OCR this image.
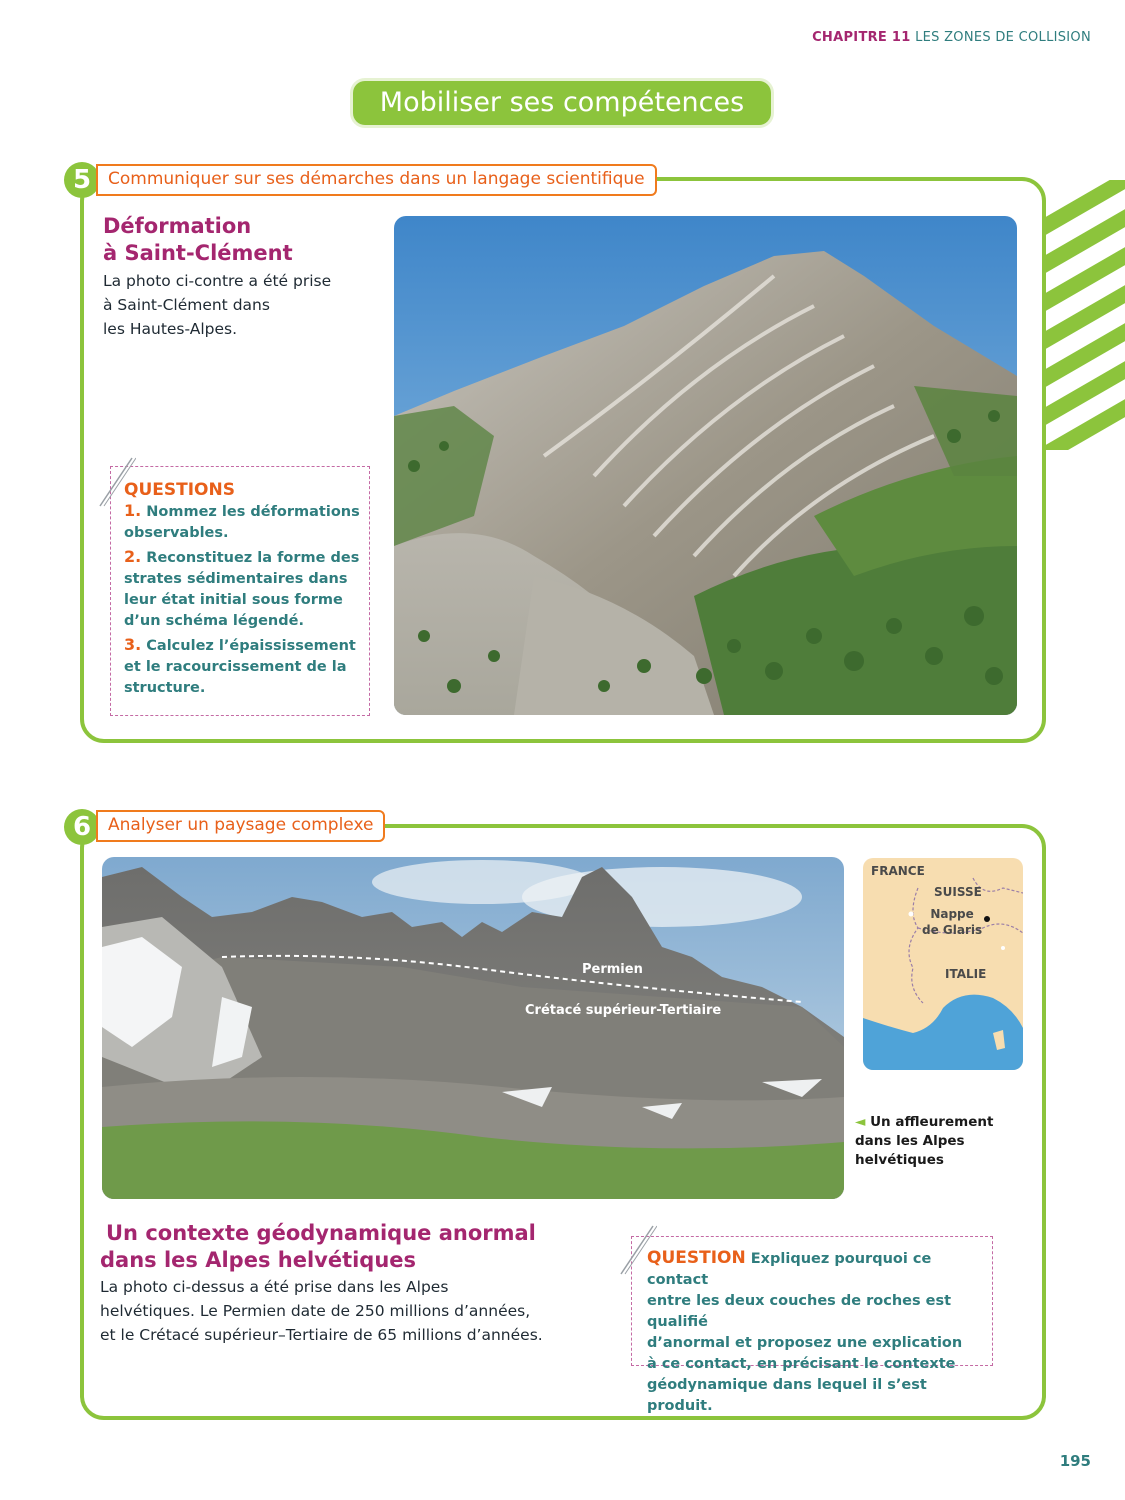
CHAPITRE 11 LES ZONES DE COLLISION
Mobiliser ses compétences
5 Communiquer sur ses démarches dans un langage scientifique
Déformation
à Saint-Clément
La photo ci-contre a été prise
à Saint-Clément dans
les Hautes-Alpes.
QUESTIONS
1. Nommez les déformations
observables.
2. Reconstituez la forme des
strates sédimentaires dans
leur état initial sous forme
d’un schéma légendé.
3. Calculez l’épaississement
et le racourcissement de la
structure.
6 Analyser un paysage complexe
Permien
Crétacé supérieur-Tertiaire
FRANCE
SUISSE
Nappe
de Glaris
ITALIE
◄ Un affleurement
dans les Alpes
helvétiques
Un contexte géodynamique anormal
dans les Alpes helvétiques
La photo ci-dessus a été prise dans les Alpes
helvétiques. Le Permien date de 250 millions d’années,
et le Crétacé supérieur–Tertiaire de 65 millions d’années.
QUESTION Expliquez pourquoi ce contact
entre les deux couches de roches est qualifié
d’anormal et proposez une explication
à ce contact, en précisant le contexte
géodynamique dans lequel il s’est produit.
195
